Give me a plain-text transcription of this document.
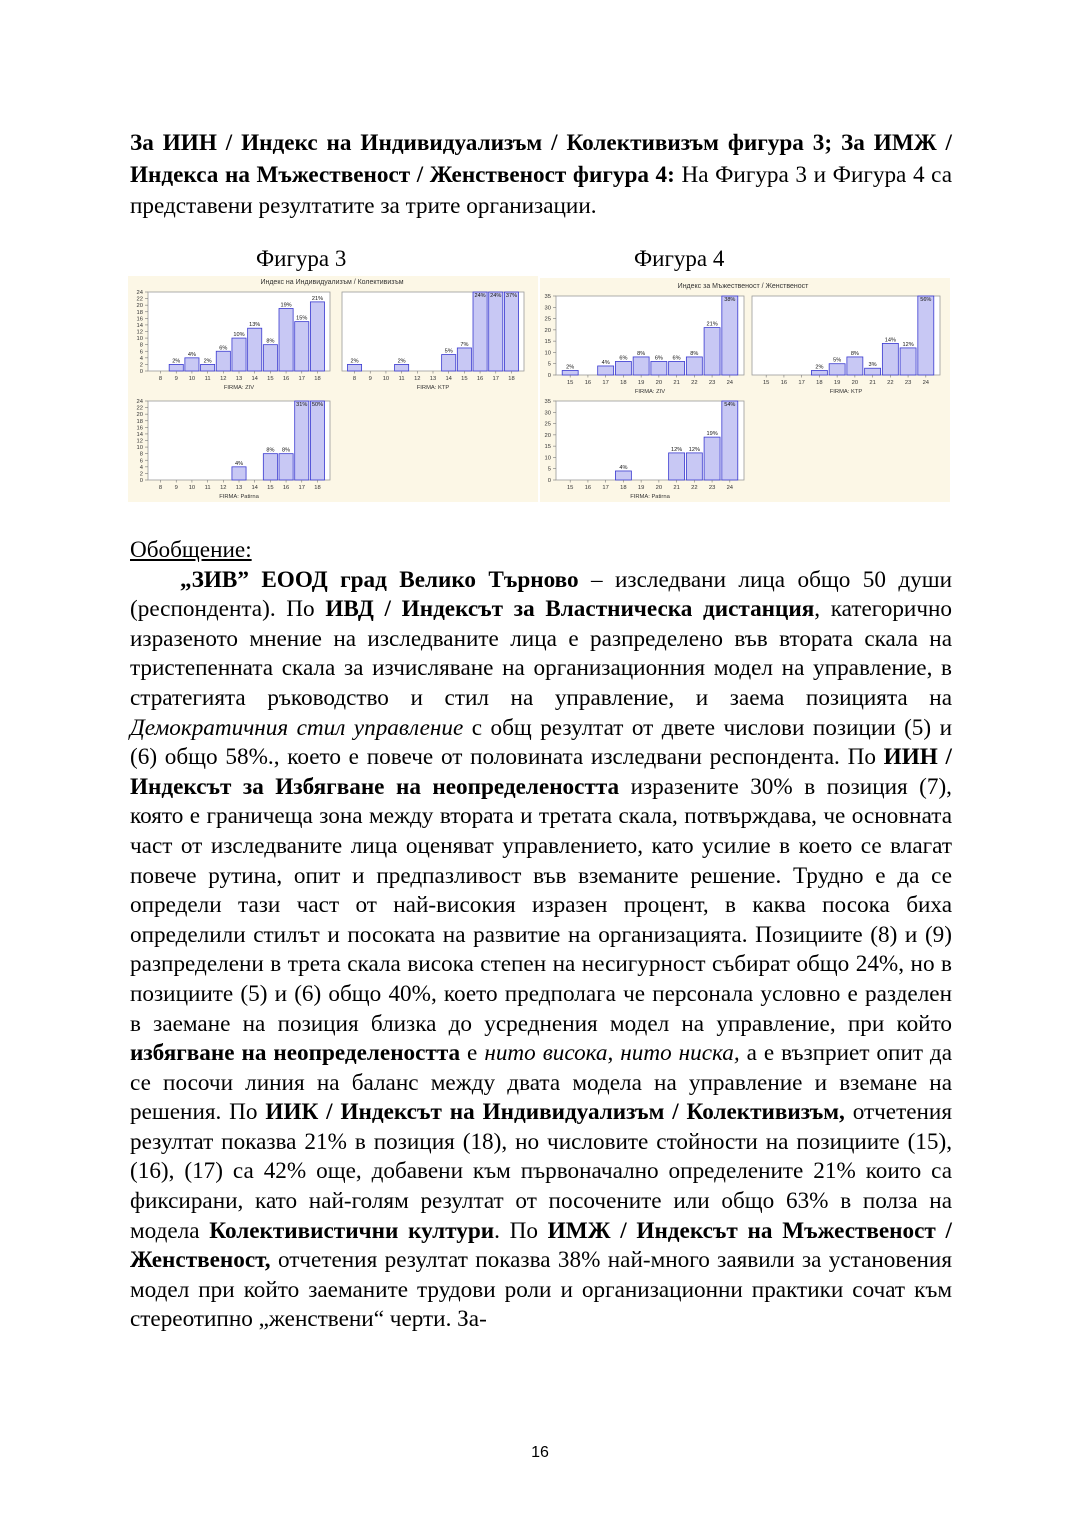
За ИИН / Индекс на Индивидуализъм / Колективизъм фигура 3; За ИМЖ / Индекса на Мъжественост / Женственост фигура 4: На Фигура 3 и Фигура 4 са представени резултатите за трите организации.
Фигура 3	Фигура 4
Индекс на Индивидуализъм / Колективизъм
Индекс за Мъжественост / Женственост
0
2
4
6
8
10
12
14
16
18
20
22
24
8
2%
9
4%
10
2%
11
6%
12
10%
13
13%
14
8%
15
19%
16
15%
17
21%
18
FIRMA: ZIV
2%
8 9 10
2%
11 12 13
5%
14
7%
15
24%
16
24%
17
37%
18
FIRMA: KTP
0
2
4
6
8
10
12
14
16
18
20
22
24
8 9 10 11 12
4%
13 14
8%
15
8%
16
31%
17
50%
18
FIRMA: Patirna
0
5
10
15
20
25
30
35
2%
15 16
4%
17
6%
18
8%
19
6%
20
6%
21
8%
22
21%
23
38%
24
FIRMA: ZIV
15 16 17
2%
18
5%
19
8%
20
3%
21
14%
22
12%
23
56%
24
FIRMA: KTP
0
5
10
15
20
25
30
35
15 16 17
4%
18 19 20
12%
21
12%
22
19%
23
54%
24
FIRMA: Patirna

Обобщение:

„ЗИВ” ЕООД град Велико Търново – изследвани лица общо 50 души (респондента). По ИВД / Индексът за Властническа дистанция, категорично изразеното мнение на изследваните лица е разпределено във втората скала на тристепенната скала за изчисляване на организационния модел на управление, в стратегията ръководство и стил на управление, и заема позицията на Демократичния стил управление с общ резултат от двете числови позиции (5) и (6) общо 58%., което е повече от половината изследвани респондента. По ИИН / Индексът за Избягване на неопределеността изразените 30% в позиция (7), която е граничеща зона между втората и третата скала, потвърждава, че основната част от изследваните лица оценяват управлението, като усилие в което се влагат повече рутина, опит и предпазливост във вземаните решение. Трудно е да се определи тази част от най-високия изразен процент, в каква посока биха определили стилът и посоката на развитие на организацията. Позициите (8) и (9) разпределени в трета скала висока степен на несигурност събират общо 24%, но в позициите (5) и (6) общо 40%, което предполага че персонала условно е разделен в заемане на позиция близка до усреднения модел на управление, при който избягване на неопределеността е нито висока, нито ниска, а е възприет опит да се посочи линия на баланс между двата модела на управление и вземане на решения. По ИИК / Индексът на Индивидуализъм / Колективизъм, отчетения резултат показва 21% в позиция (18), но числовите стойности на позициите (15), (16), (17) са 42% още, добавени към първоначално определените 21% които са фиксирани, като най-голям резултат от посочените или общо 63% в полза на модела Колективистични култури. По ИМЖ / Индексът на Мъжественост / Женственост, отчетения резултат показва 38% най-много заявили за установения модел при който заеманите трудови роли и организационни практики сочат към стереотипно „женствени“ черти. За-

16
